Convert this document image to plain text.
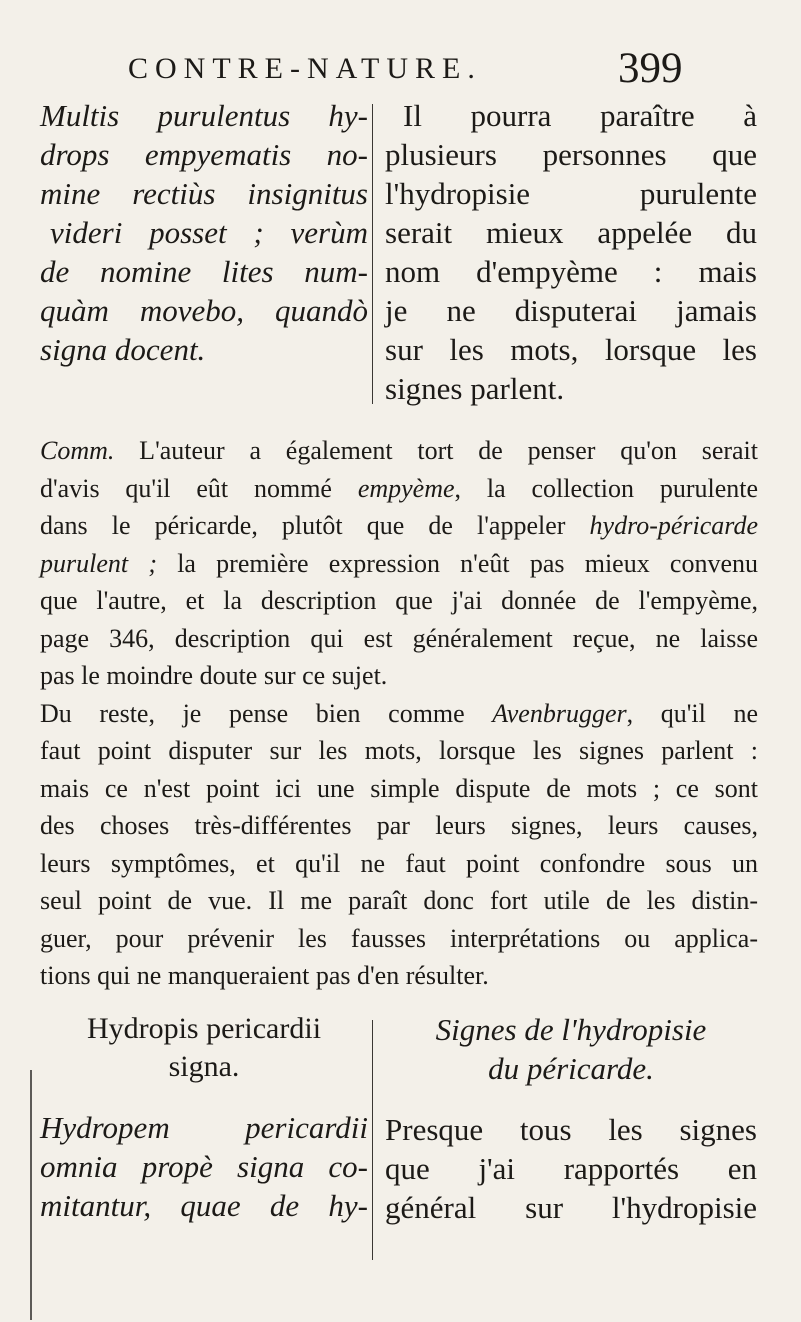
CONTRE-NATURE.	399
Multis purulentus hy-
drops empyematis no-
mine rectiùs insignitus
videri posset ; verùm
de nomine lites num-
quàm movebo, quandò
signa docent.
Il pourra paraître à
plusieurs personnes que
l'hydropisie purulente
serait mieux appelée du
nom d'empyème : mais
je ne disputerai jamais
sur les mots, lorsque les
signes parlent.
Comm. L'auteur a également tort de penser qu'on serait
d'avis qu'il eût nommé empyème, la collection purulente
dans le péricarde, plutôt que de l'appeler hydro-péricarde
purulent ; la première expression n'eût pas mieux convenu
que l'autre, et la description que j'ai donnée de l'empyème,
page 346, description qui est généralement reçue, ne laisse
pas le moindre doute sur ce sujet.
Du reste, je pense bien comme Avenbrugger, qu'il ne
faut point disputer sur les mots, lorsque les signes parlent :
mais ce n'est point ici une simple dispute de mots ; ce sont
des choses très-différentes par leurs signes, leurs causes,
leurs symptômes, et qu'il ne faut point confondre sous un
seul point de vue. Il me paraît donc fort utile de les distin-
guer, pour prévenir les fausses interprétations ou applica-
tions qui ne manqueraient pas d'en résulter.
Hydropis pericardii
signa.
Hydropem pericardii
omnia propè signa co-
mitantur, quae de hy-
Signes de l'hydropisie
du péricarde.
Presque tous les signes
que j'ai rapportés en
général sur l'hydropisie
